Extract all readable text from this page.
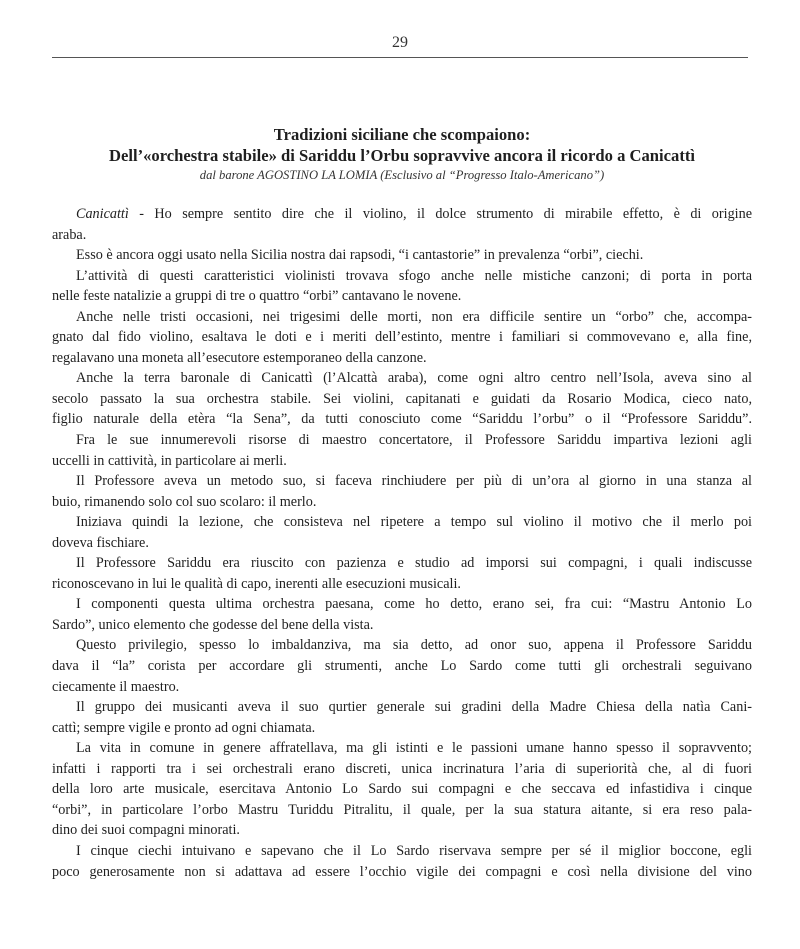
29

Tradizioni siciliane che scompaiono:

Dell’«orchestra stabile» di Sariddu l’Orbu sopravvive ancora il ricordo a Canicattì

dal barone AGOSTINO LA LOMIA (Esclusivo al “Progresso Italo-Americano”)

Canicattì - Ho sempre sentito dire che il violino, il dolce strumento di mirabile effetto, è di origine
araba.
Esso è ancora oggi usato nella Sicilia nostra dai rapsodi, “i cantastorie” in prevalenza “orbi”, ciechi.
L’attività di questi caratteristici violinisti trovava sfogo anche nelle mistiche canzoni; di porta in porta
nelle feste natalizie a gruppi di tre o quattro “orbi” cantavano le novene.
Anche nelle tristi occasioni, nei trigesimi delle morti, non era difficile sentire un “orbo” che, accompa-
gnato dal fido violino, esaltava le doti e i meriti dell’estinto, mentre i familiari si commovevano e, alla fine,
regalavano una moneta all’esecutore estemporaneo della canzone.
Anche la terra baronale di Canicattì (l’Alcattà araba), come ogni altro centro nell’Isola, aveva sino al
secolo passato la sua orchestra stabile. Sei violini, capitanati e guidati da Rosario Modica, cieco nato,
figlio naturale della etèra “la Sena”, da tutti conosciuto come “Sariddu l’orbu” o il “Professore Sariddu”.
Fra le sue innumerevoli risorse di maestro concertatore, il Professore Sariddu impartiva lezioni agli
uccelli in cattività, in particolare ai merli.
Il Professore aveva un metodo suo, si faceva rinchiudere per più di un’ora al giorno in una stanza al
buio, rimanendo solo col suo scolaro: il merlo.
Iniziava quindi la lezione, che consisteva nel ripetere a tempo sul violino il motivo che il merlo poi
doveva fischiare.
Il Professore Sariddu era riuscito con pazienza e studio ad imporsi sui compagni, i quali indiscusse
riconoscevano in lui le qualità di capo, inerenti alle esecuzioni musicali.
I componenti questa ultima orchestra paesana, come ho detto, erano sei, fra cui: “Mastru Antonio Lo
Sardo”, unico elemento che godesse del bene della vista.
Questo privilegio, spesso lo imbaldanziva, ma sia detto, ad onor suo, appena il Professore Sariddu
dava il “la” corista per accordare gli strumenti, anche Lo Sardo come tutti gli orchestrali seguivano
ciecamente il maestro.
Il gruppo dei musicanti aveva il suo qurtier generale sui gradini della Madre Chiesa della natìa Cani-
cattì; sempre vigile e pronto ad ogni chiamata.
La vita in comune in genere affratellava, ma gli istinti e le passioni umane hanno spesso il sopravvento;
infatti i rapporti tra i sei orchestrali erano discreti, unica incrinatura l’aria di superiorità che, al di fuori
della loro arte musicale, esercitava Antonio Lo Sardo sui compagni e che seccava ed infastidiva i cinque
“orbi”, in particolare l’orbo Mastru Turiddu Pitralitu, il quale, per la sua statura aitante, si era reso pala-
dino dei suoi compagni minorati.
I cinque ciechi intuivano e sapevano che il Lo Sardo riservava sempre per sé il miglior boccone, egli
poco generosamente non si adattava ad essere l’occhio vigile dei compagni e così nella divisione del vino
